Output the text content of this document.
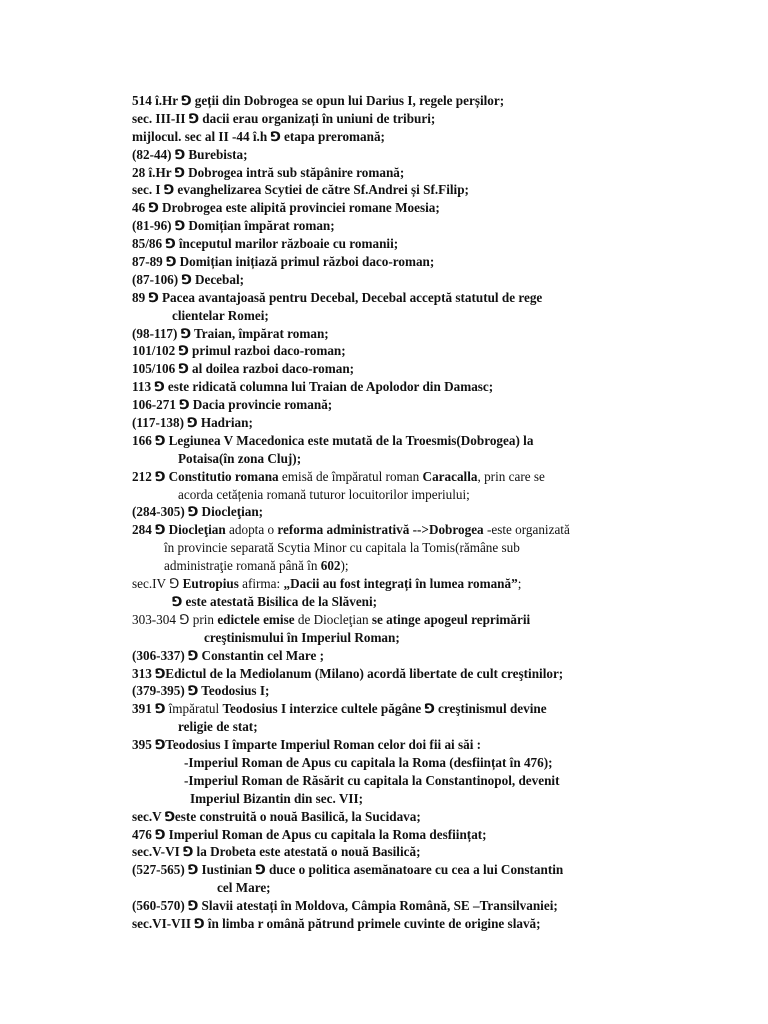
514 î.Hr ⅁ geții din Dobrogea se opun lui Darius I, regele perșilor;
sec. III-II ⅁ dacii erau organizați în uniuni de triburi;
mijlocul. sec al II -44 î.h ⅁ etapa preromană;
(82-44) ⅁ Burebista;
28 î.Hr ⅁ Dobrogea intră sub stăpânire romană;
sec. I ⅁ evanghelizarea Scytiei de către Sf.Andrei și Sf.Filip;
46 ⅁ Drobrogea este alipită provinciei romane Moesia;
(81-96) ⅁ Domițian împărat roman;
85/86 ⅁ începutul marilor războaie cu romanii;
87-89 ⅁ Domițian inițiază primul război daco-roman;
(87-106) ⅁ Decebal;
89 ⅁ Pacea avantajoasă pentru Decebal, Decebal acceptă statutul de rege
clientelar Romei;
(98-117) ⅁ Traian, împărat roman;
101/102 ⅁ primul razboi daco-roman;
105/106 ⅁ al doilea razboi daco-roman;
113 ⅁ este ridicată columna lui Traian de Apolodor din Damasc;
106-271 ⅁ Dacia provincie romană;
(117-138) ⅁ Hadrian;
166 ⅁ Legiunea V Macedonica este mutată de la Troesmis(Dobrogea) la
Potaisa(în zona Cluj);
212 ⅁ Constitutio romana emisă de împăratul roman Caracalla, prin care se
acorda cetățenia romană tuturor locuitorilor imperiului;
(284-305) ⅁ Diocleţian;
284 ⅁ Diocleţian adopta o reforma administrativă -->Dobrogea -este organizată
în provincie separată Scytia Minor cu capitala la Tomis(rămâne sub
administraţie romană până în 602);
sec.IV ⅁ Eutropius afirma: „Dacii au fost integrați în lumea romană”;
⅁ este atestată Bisilica de la Slăveni;
303-304 ⅁ prin edictele emise de Diocleţian se atinge apogeul reprimării
creştinismului în Imperiul Roman;
(306-337) ⅁ Constantin cel Mare ;
313 ⅁Edictul de la Mediolanum (Milano) acordă libertate de cult creştinilor;
(379-395) ⅁ Teodosius I;
391 ⅁ împăratul Teodosius I interzice cultele păgâne ⅁ creştinismul devine
religie de stat;
395 ⅁Teodosius I împarte Imperiul Roman celor doi fii ai săi :
-Imperiul Roman de Apus cu capitala la Roma (desființat în 476);
-Imperiul Roman de Răsărit cu capitala la Constantinopol, devenit
Imperiul Bizantin din sec. VII;
sec.V ⅁este construită o nouă Basilică, la Sucidava;
476 ⅁ Imperiul Roman de Apus cu capitala la Roma desființat;
sec.V-VI ⅁ la Drobeta este atestată o nouă Basilică;
(527-565) ⅁ Iustinian ⅁ duce o politica asemănatoare cu cea a lui Constantin
cel Mare;
(560-570) ⅁ Slavii atestați în Moldova, Câmpia Română, SE –Transilvaniei;
sec.VI-VII ⅁ în limba r omână pătrund primele cuvinte de origine slavă;
